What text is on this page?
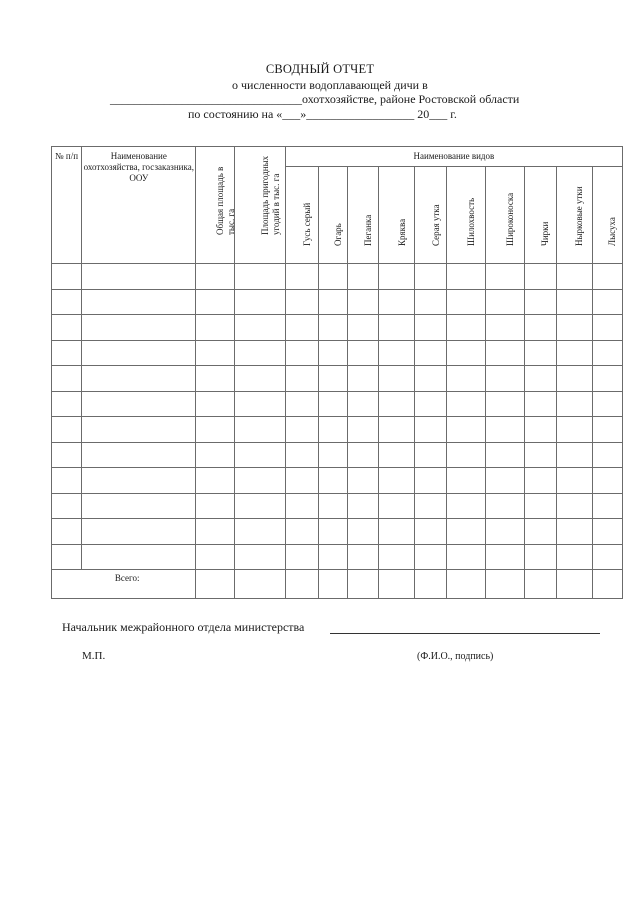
СВОДНЫЙ ОТЧЕТ
о численности водоплавающей дичи в
________________________________охотхозяйстве, районе Ростовской области
по состоянию на «___»__________________ 20___ г.
№ п/п	Наименование охотхозяйства, госзаказника, ООУ	Общая площадь в тыс. га	Площадь пригодных угодий в тыс. га	Наименование видов									

				Гусь серый	Огарь	Пеганка	Кряква	Серая утка	Шилохвость	Широконоска	Чирки	Нырковые утки	Лысуха

Всего:													
Начальник межрайонного отдела министерства
М.П.	(Ф.И.О., подпись)
